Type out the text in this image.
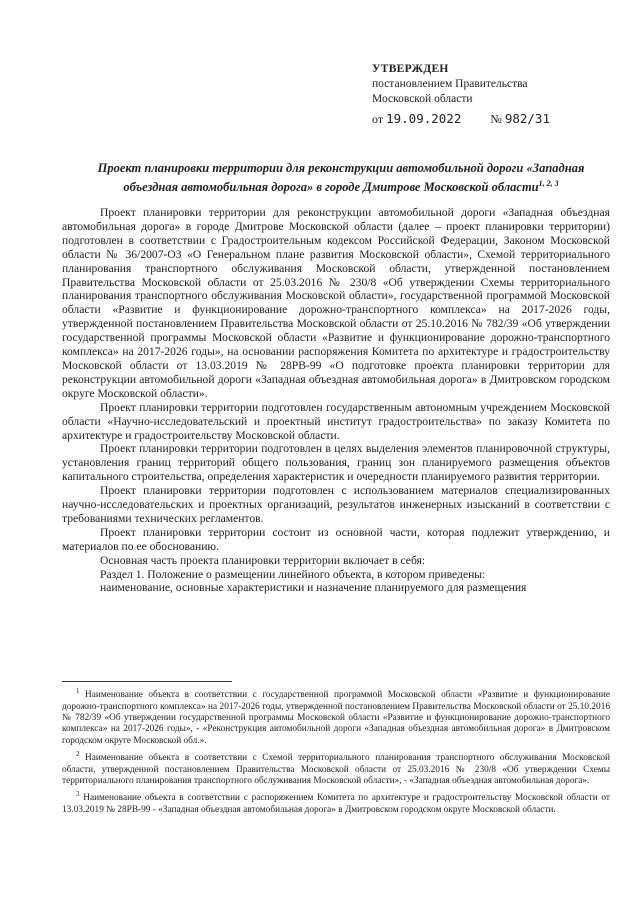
УТВЕРЖДЕН
постановлением Правительства
Московской области
от 19.09.2022 № 982/31
Проект планировки территории для реконструкции автомобильной дороги «Западная объездная автомобильная дорога» в городе Дмитрове Московской области$^{1, 2, 3}$

Проект планировки территории для реконструкции автомобильной дороги «Западная объездная автомобильная дорога» в городе Дмитрове Московской области (далее – проект планировки территории) подготовлен в соответствии с Градостроительным кодексом Российской Федерации, Законом Московской области № 36/2007-ОЗ «О Генеральном плане развития Московской области», Схемой территориального планирования транспортного обслуживания Московской области, утвержденной постановлением Правительства Московской области от 25.03.2016 № 230/8 «Об утверждении Схемы территориального планирования транспортного обслуживания Московской области», государственной программой Московской области «Развитие и функционирование дорожно-транспортного комплекса» на 2017-2026 годы, утвержденной постановлением Правительства Московской области от 25.10.2016 № 782/39 «Об утверждении государственной программы Московской области «Развитие и функционирование дорожно-транспортного комплекса» на 2017-2026 годы», на основании распоряжения Комитета по архитектуре и градостроительству Московской области от 13.03.2019 № 28РВ-99 «О подготовке проекта планировки территории для реконструкции автомобильной дороги «Западная объездная автомобильная дорога» в Дмитровском городском округе Московской области».

Проект планировки территории подготовлен государственным автономным учреждением Московской области «Научно-исследовательский и проектный институт градостроительства» по заказу Комитета по архитектуре и градостроительству Московской области.

Проект планировки территории подготовлен в целях выделения элементов планировочной структуры, установления границ территорий общего пользования, границ зон планируемого размещения объектов капитального строительства, определения характеристик и очередности планируемого развития территории.

Проект планировки территории подготовлен с использованием материалов специализированных научно-исследовательских и проектных организаций, результатов инженерных изысканий в соответствии с требованиями технических регламентов.

Проект планировки территории состоит из основной части, которая подлежит утверждению, и материалов по ее обоснованию.

Основная часть проекта планировки территории включает в себя:

Раздел 1. Положение о размещении линейного объекта, в котором приведены:

наименование, основные характеристики и назначение планируемого для размещения

$^1$ Наименование объекта в соответствии с государственной программой Московской области «Развитие и функционирование дорожно-транспортного комплекса» на 2017-2026 годы, утвержденной постановлением Правительства Московской области от 25.10.2016 № 782/39 «Об утверждении государственной программы Московской области «Развитие и функционирование дорожно-транспортного комплекса» на 2017-2026 годы», - «Реконструкция автомобильной дороги «Западная объездная автомобильная дорога» в Дмитровском городском округе Московской обл.».

$^2$ Наименование объекта в соответствии с Схемой территориального планирования транспортного обслуживания Московской области, утвержденной постановлением Правительства Московской области от 25.03.2016 № 230/8 «Об утверждении Схемы территориального планирования транспортного обслуживания Московской области», - «Западная объездная автомобильная дорога».

$^3$ Наименование объекта в соответствии с распоряжением Комитета по архитектуре и градостроительству Московской области от 13.03.2019 № 28РВ-99 - «Западная объездная автомобильная дорога» в Дмитровском городском округе Московской области.
